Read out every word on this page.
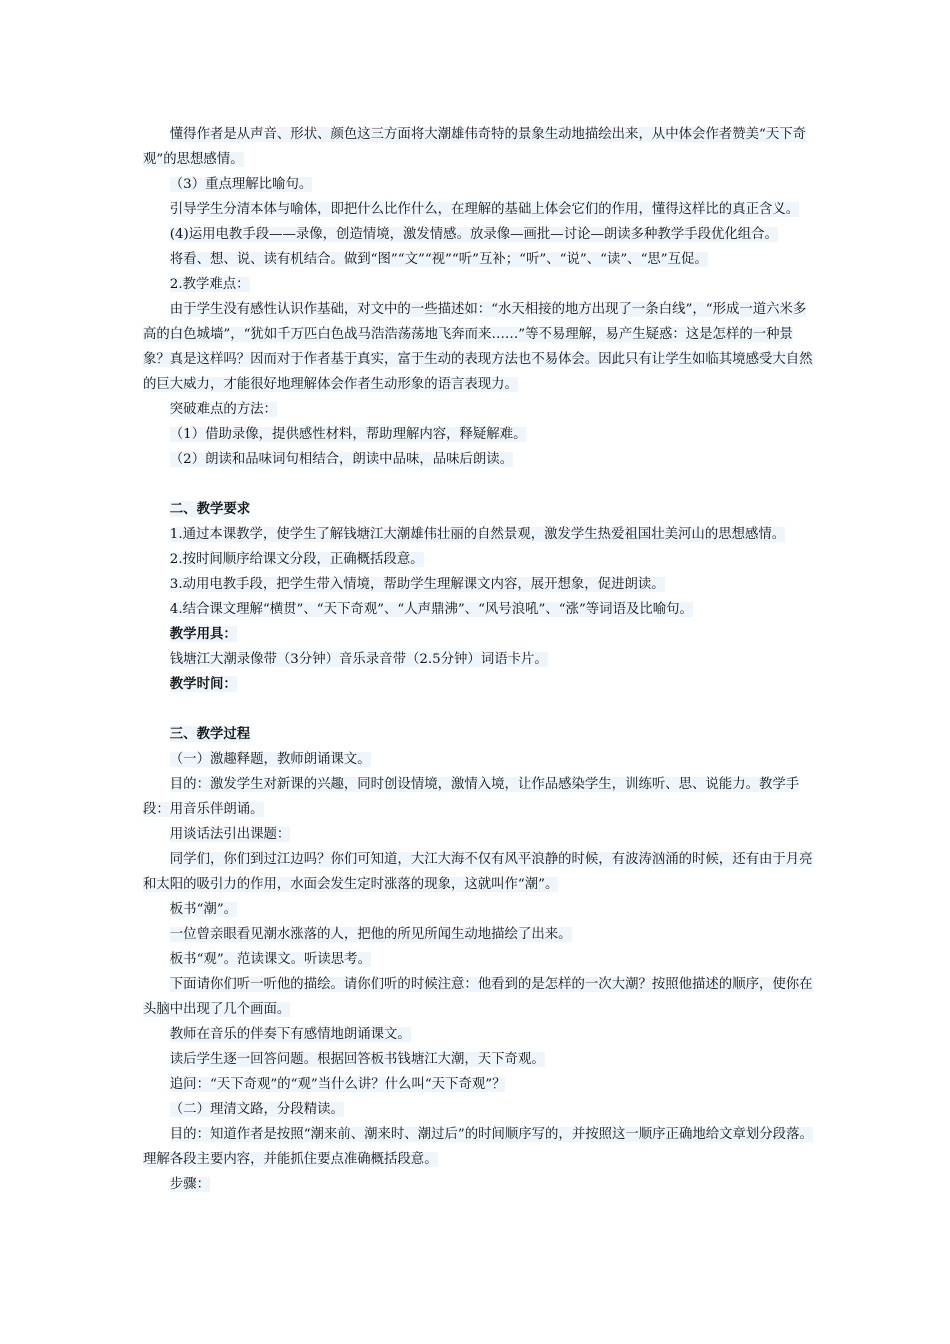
懂得作者是从声音、形状、颜色这三方面将大潮雄伟奇特的景象生动地描绘出来，从中体会作者赞美“天下奇观”的思想感情。

（3）重点理解比喻句。

引导学生分清本体与喻体，即把什么比作什么，在理解的基础上体会它们的作用，懂得这样比的真正含义。

(4)运用电教手段——录像，创造情境，激发情感。放录像—画批—讨论—朗读多种教学手段优化组合。

将看、想、说、读有机结合。做到“图”“文”“视”“听”互补；“听”、“说”、“读”、“思”互促。

2.教学难点：

由于学生没有感性认识作基础，对文中的一些描述如：“水天相接的地方出现了一条白线”，“形成一道六米多高的白色城墙”，“犹如千万匹白色战马浩浩荡荡地飞奔而来……”等不易理解，易产生疑惑：这是怎样的一种景象？真是这样吗？因而对于作者基于真实，富于生动的表现方法也不易体会。因此只有让学生如临其境感受大自然的巨大威力，才能很好地理解体会作者生动形象的语言表现力。

突破难点的方法：

（1）借助录像，提供感性材料，帮助理解内容，释疑解难。

（2）朗读和品味词句相结合，朗读中品味，品味后朗读。

二、教学要求

1.通过本课教学，使学生了解钱塘江大潮雄伟壮丽的自然景观，激发学生热爱祖国壮美河山的思想感情。

2.按时间顺序给课文分段，正确概括段意。

3.动用电教手段，把学生带入情境，帮助学生理解课文内容，展开想象，促进朗读。

4.结合课文理解“横贯”、“天下奇观”、“人声鼎沸”、“风号浪吼”、“涨”等词语及比喻句。

教学用具：

钱塘江大潮录像带（3分钟）音乐录音带（2.5分钟）词语卡片。

教学时间：

三、教学过程

（一）激趣释题，教师朗诵课文。

目的：激发学生对新课的兴趣，同时创设情境，激情入境，让作品感染学生，训练听、思、说能力。教学手段：用音乐伴朗诵。

用谈话法引出课题：

同学们，你们到过江边吗？你们可知道，大江大海不仅有风平浪静的时候，有波涛汹涌的时候，还有由于月亮和太阳的吸引力的作用，水面会发生定时涨落的现象，这就叫作“潮”。

板书“潮”。

一位曾亲眼看见潮水涨落的人，把他的所见所闻生动地描绘了出来。

板书“观”。范读课文。听读思考。

下面请你们听一听他的描绘。请你们听的时候注意：他看到的是怎样的一次大潮？按照他描述的顺序，使你在头脑中出现了几个画面。

教师在音乐的伴奏下有感情地朗诵课文。

读后学生逐一回答问题。根据回答板书钱塘江大潮，天下奇观。

追问：“天下奇观”的“观”当什么讲？什么叫“天下奇观”？

（二）理清文路，分段精读。

目的：知道作者是按照“潮来前、潮来时、潮过后”的时间顺序写的，并按照这一顺序正确地给文章划分段落。理解各段主要内容，并能抓住要点准确概括段意。

步骤：
